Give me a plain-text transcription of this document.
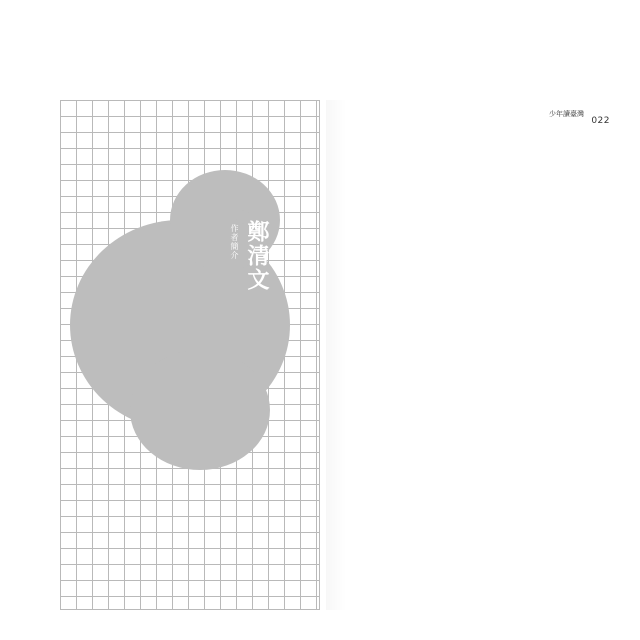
鄭清文
作者簡介
少年讀臺灣
022
